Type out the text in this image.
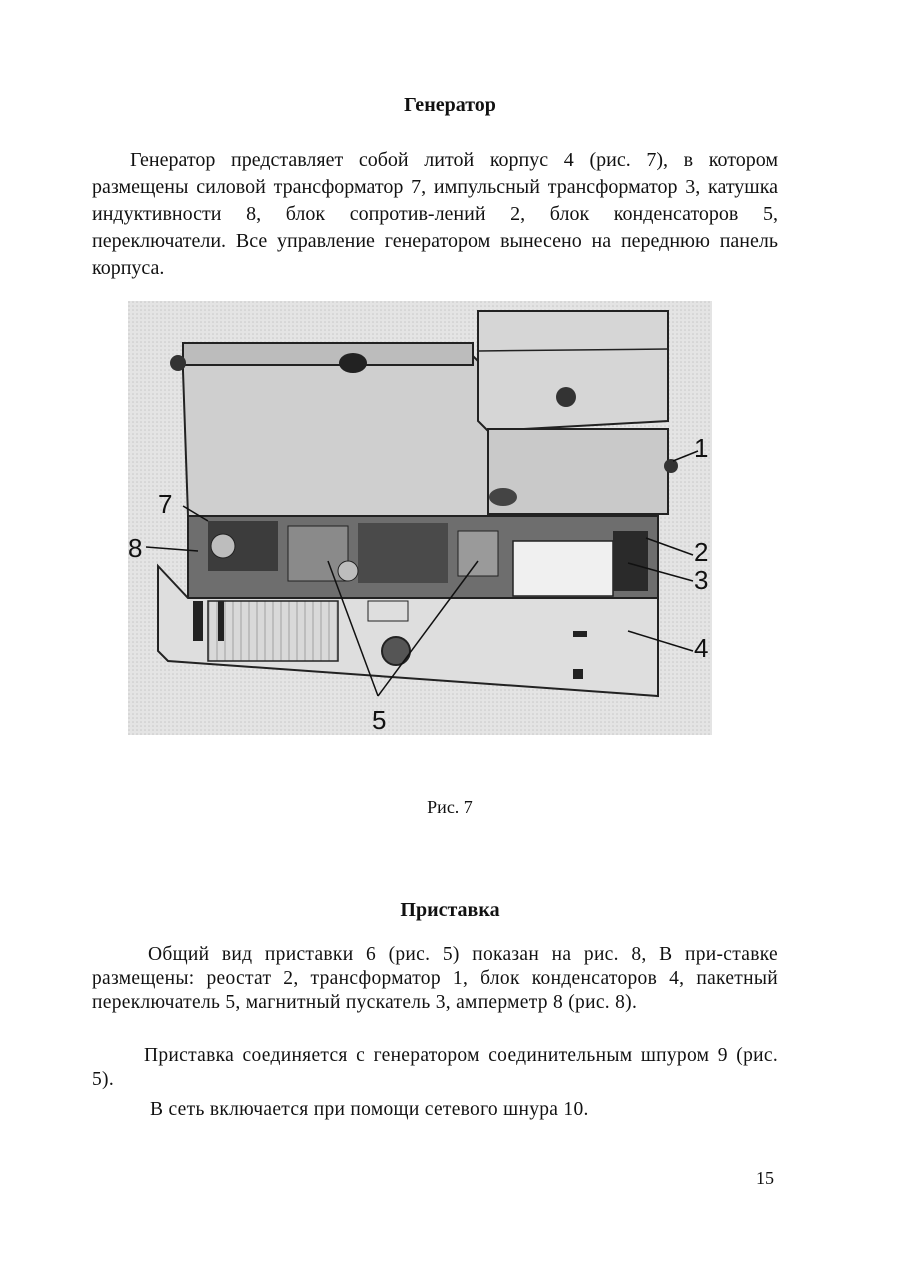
Генератор

Генератор представляет собой литой корпус 4 (рис. 7), в котором размещены силовой трансформатор 7, импульсный трансформатор 3, катушка индуктивности 8, блок сопротив-лений 2, блок конденсаторов 5, переключатели. Все управление генератором вынесено на переднюю панель корпуса.

1
2
3
4
5
7
8
Рис. 7
Приставка

Общий вид приставки 6 (рис. 5) показан на рис. 8, В при-ставке размещены: реостат 2, трансформатор 1, блок конденсаторов 4, пакетный переключатель 5, магнитный пускатель 3, амперметр 8 (рис. 8).

Приставка соединяется с генератором соединительным шпуром 9 (рис. 5).

В сеть включается при помощи сетевого шнура 10.

15
